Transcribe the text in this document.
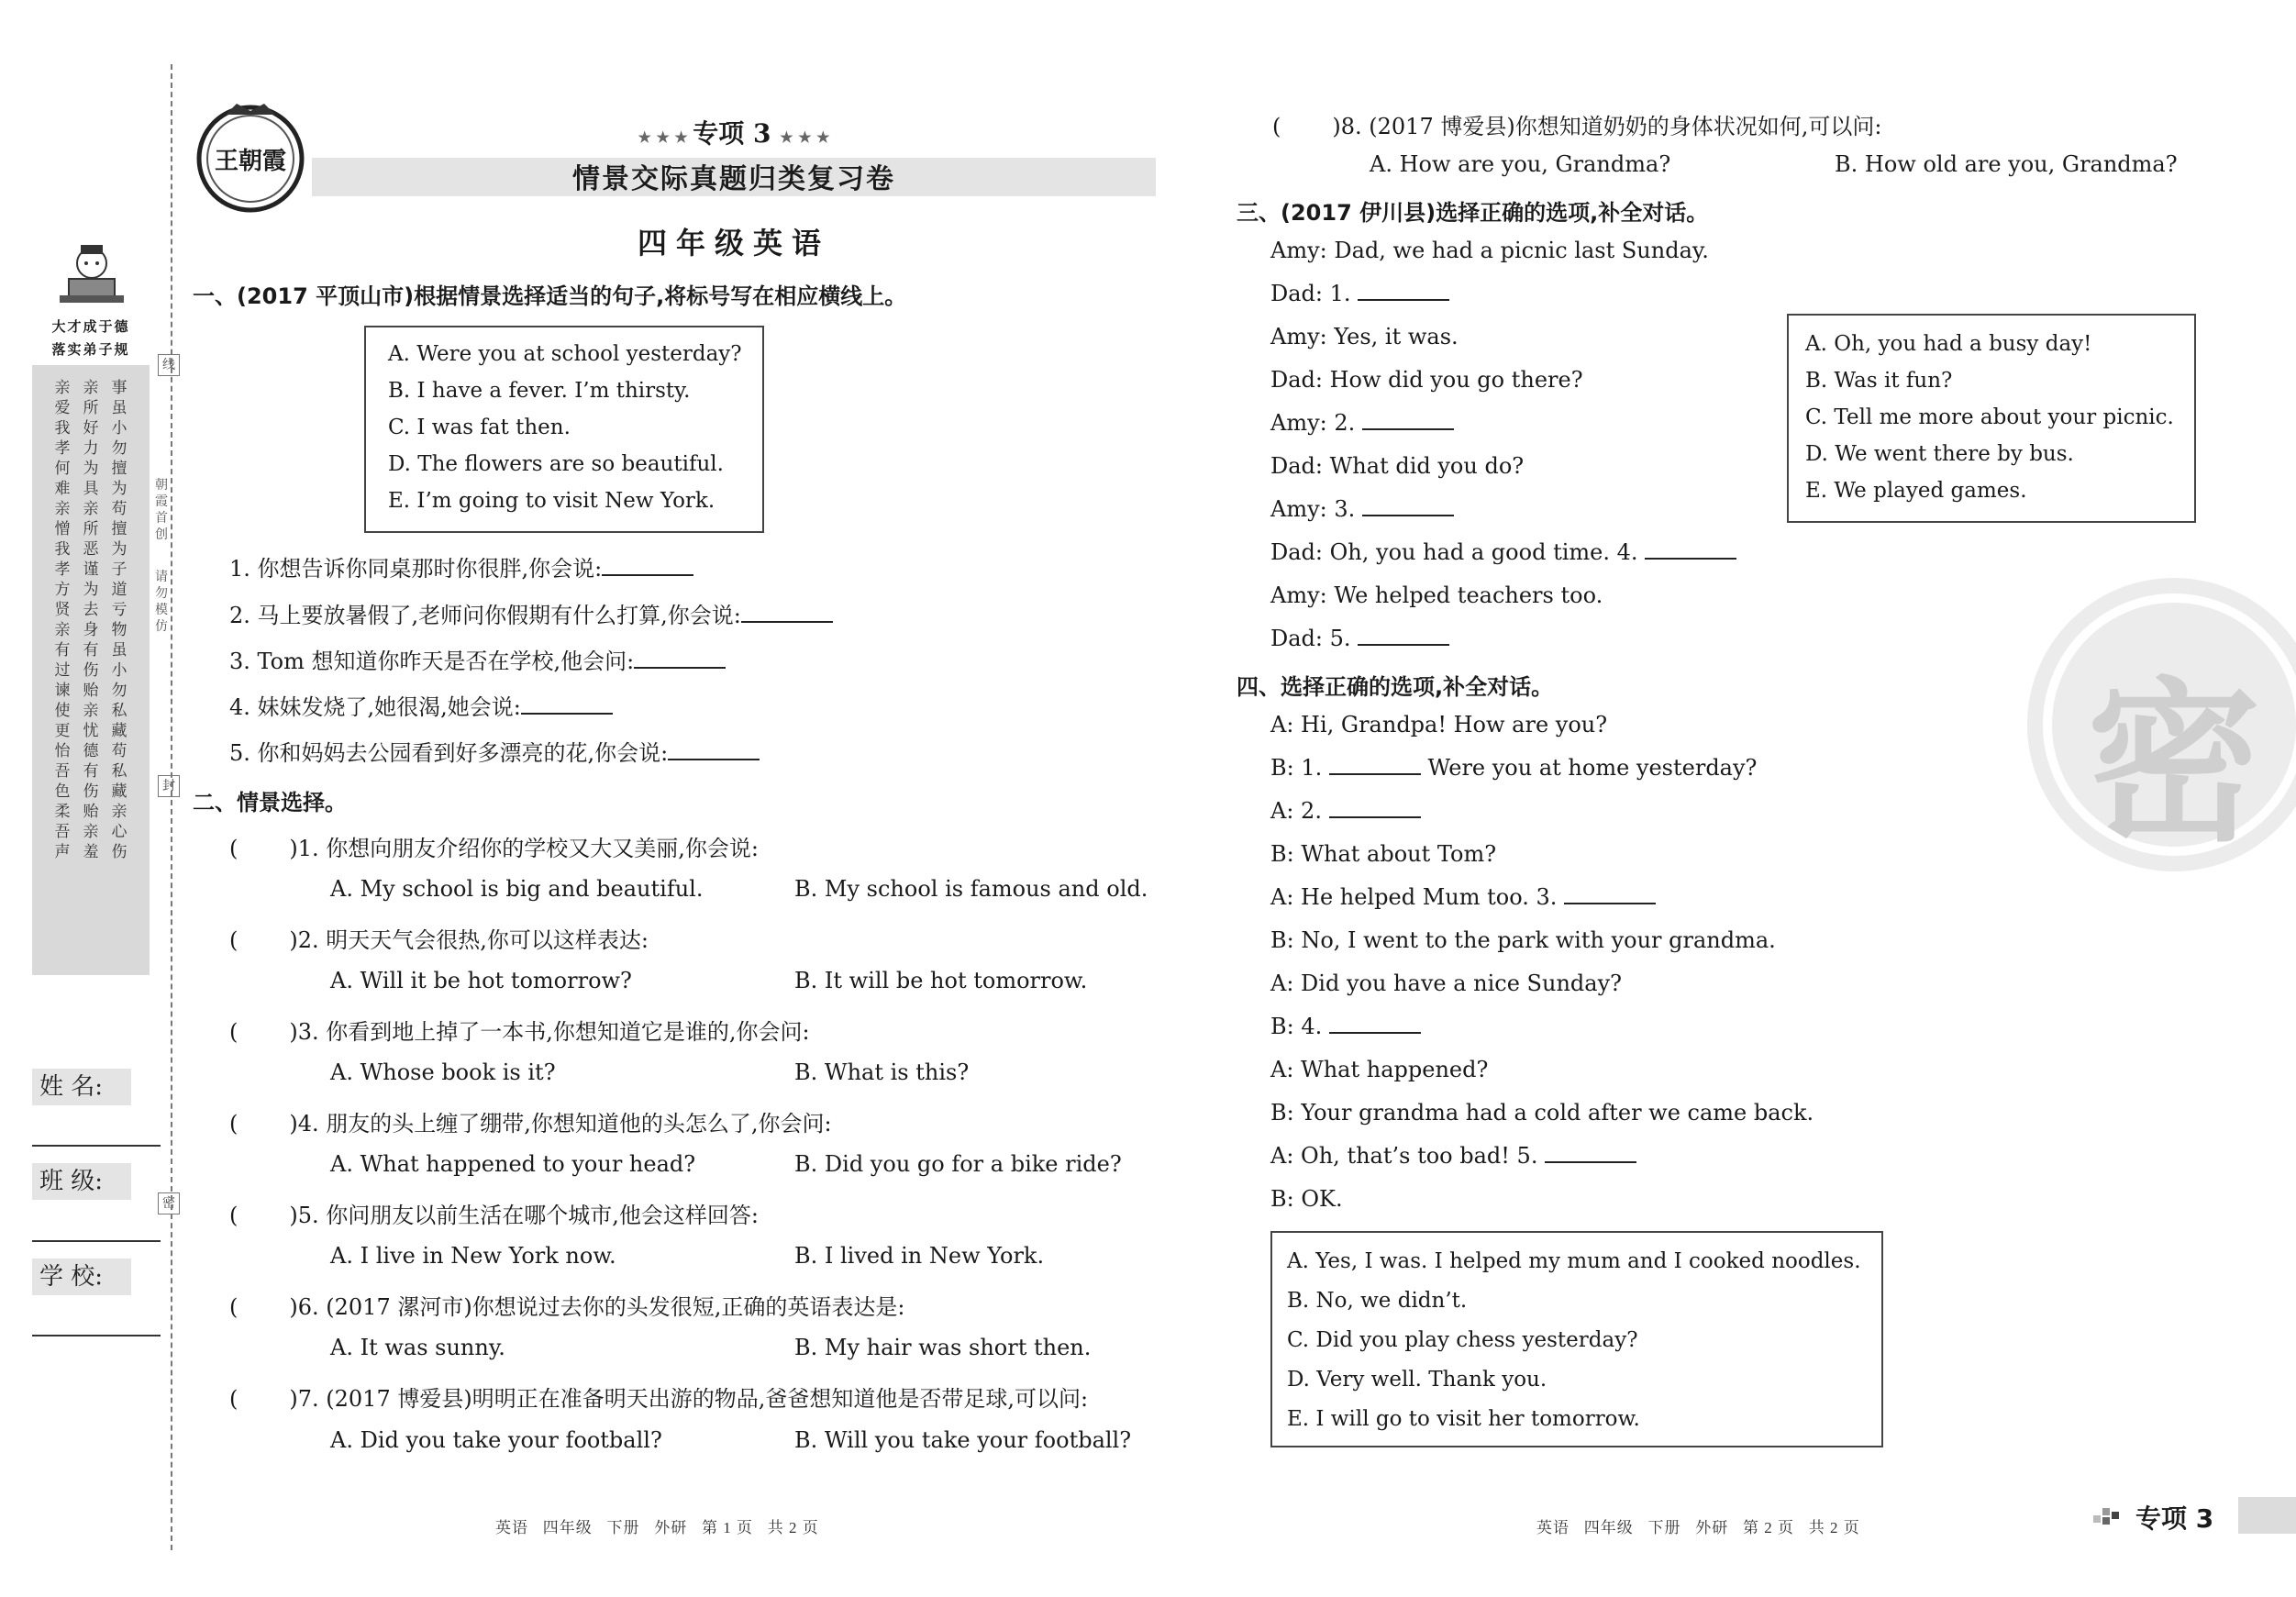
大才成于德
落实弟子规
亲爱我孝何难亲憎我孝方贤亲有过谏使更怡吾色柔吾声
亲所好力为具亲所恶谨为去身有伤贻亲忧德有伤贻亲羞
事虽小勿擅为苟擅为子道亏物虽小勿私藏苟私藏亲心伤
线
朝霞首创
请勿模仿
封
密
姓 名:
班 级:
学 校:
王朝霞
★ ★ ★ 专项 3 ★ ★ ★
情景交际真题归类复习卷
四年级英语
一、(2017 平顶山市)根据情景选择适当的句子,将标号写在相应横线上。
A. Were you at school yesterday?
B. I have a fever. I’m thirsty.
C. I was fat then.
D. The flowers are so beautiful.
E. I’m going to visit New York.
1. 你想告诉你同桌那时你很胖,你会说:
2. 马上要放暑假了,老师问你假期有什么打算,你会说:
3. Tom 想知道你昨天是否在学校,他会问:
4. 妹妹发烧了,她很渴,她会说:
5. 你和妈妈去公园看到好多漂亮的花,你会说:
二、情景选择。
( )1. 你想向朋友介绍你的学校又大又美丽,你会说:
A. My school is big and beautiful.	B. My school is famous and old.
( )2. 明天天气会很热,你可以这样表达:
A. Will it be hot tomorrow?	B. It will be hot tomorrow.
( )3. 你看到地上掉了一本书,你想知道它是谁的,你会问:
A. Whose book is it?	B. What is this?
( )4. 朋友的头上缠了绷带,你想知道他的头怎么了,你会问:
A. What happened to your head?	B. Did you go for a bike ride?
( )5. 你问朋友以前生活在哪个城市,他会这样回答:
A. I live in New York now.	B. I lived in New York.
( )6. (2017 漯河市)你想说过去你的头发很短,正确的英语表达是:
A. It was sunny.	B. My hair was short then.
( )7. (2017 博爱县)明明正在准备明天出游的物品,爸爸想知道他是否带足球,可以问:
A. Did you take your football?	B. Will you take your football?
( )8. (2017 博爱县)你想知道奶奶的身体状况如何,可以问:
A. How are you, Grandma?	B. How old are you, Grandma?
三、(2017 伊川县)选择正确的选项,补全对话。
Amy: Dad, we had a picnic last Sunday.
Dad: 1.
Amy: Yes, it was.
Dad: How did you go there?
Amy: 2.
Dad: What did you do?
Amy: 3.
Dad: Oh, you had a good time. 4.
Amy: We helped teachers too.
Dad: 5.
A. Oh, you had a busy day!
B. Was it fun?
C. Tell me more about your picnic.
D. We went there by bus.
E. We played games.
四、选择正确的选项,补全对话。
A: Hi, Grandpa! How are you?
B: 1.	Were you at home yesterday?
A: 2.
B: What about Tom?
A: He helped Mum too. 3.
B: No, I went to the park with your grandma.
A: Did you have a nice Sunday?
B: 4.
A: What happened?
B: Your grandma had a cold after we came back.
A: Oh, that’s too bad! 5.
B: OK.
A. Yes, I was. I helped my mum and I cooked noodles.
B. No, we didn’t.
C. Did you play chess yesterday?
D. Very well. Thank you.
E. I will go to visit her tomorrow.
密
英语   四年级   下册   外研   第 1 页   共 2 页	英语   四年级   下册   外研   第 2 页   共 2 页	专项 3
